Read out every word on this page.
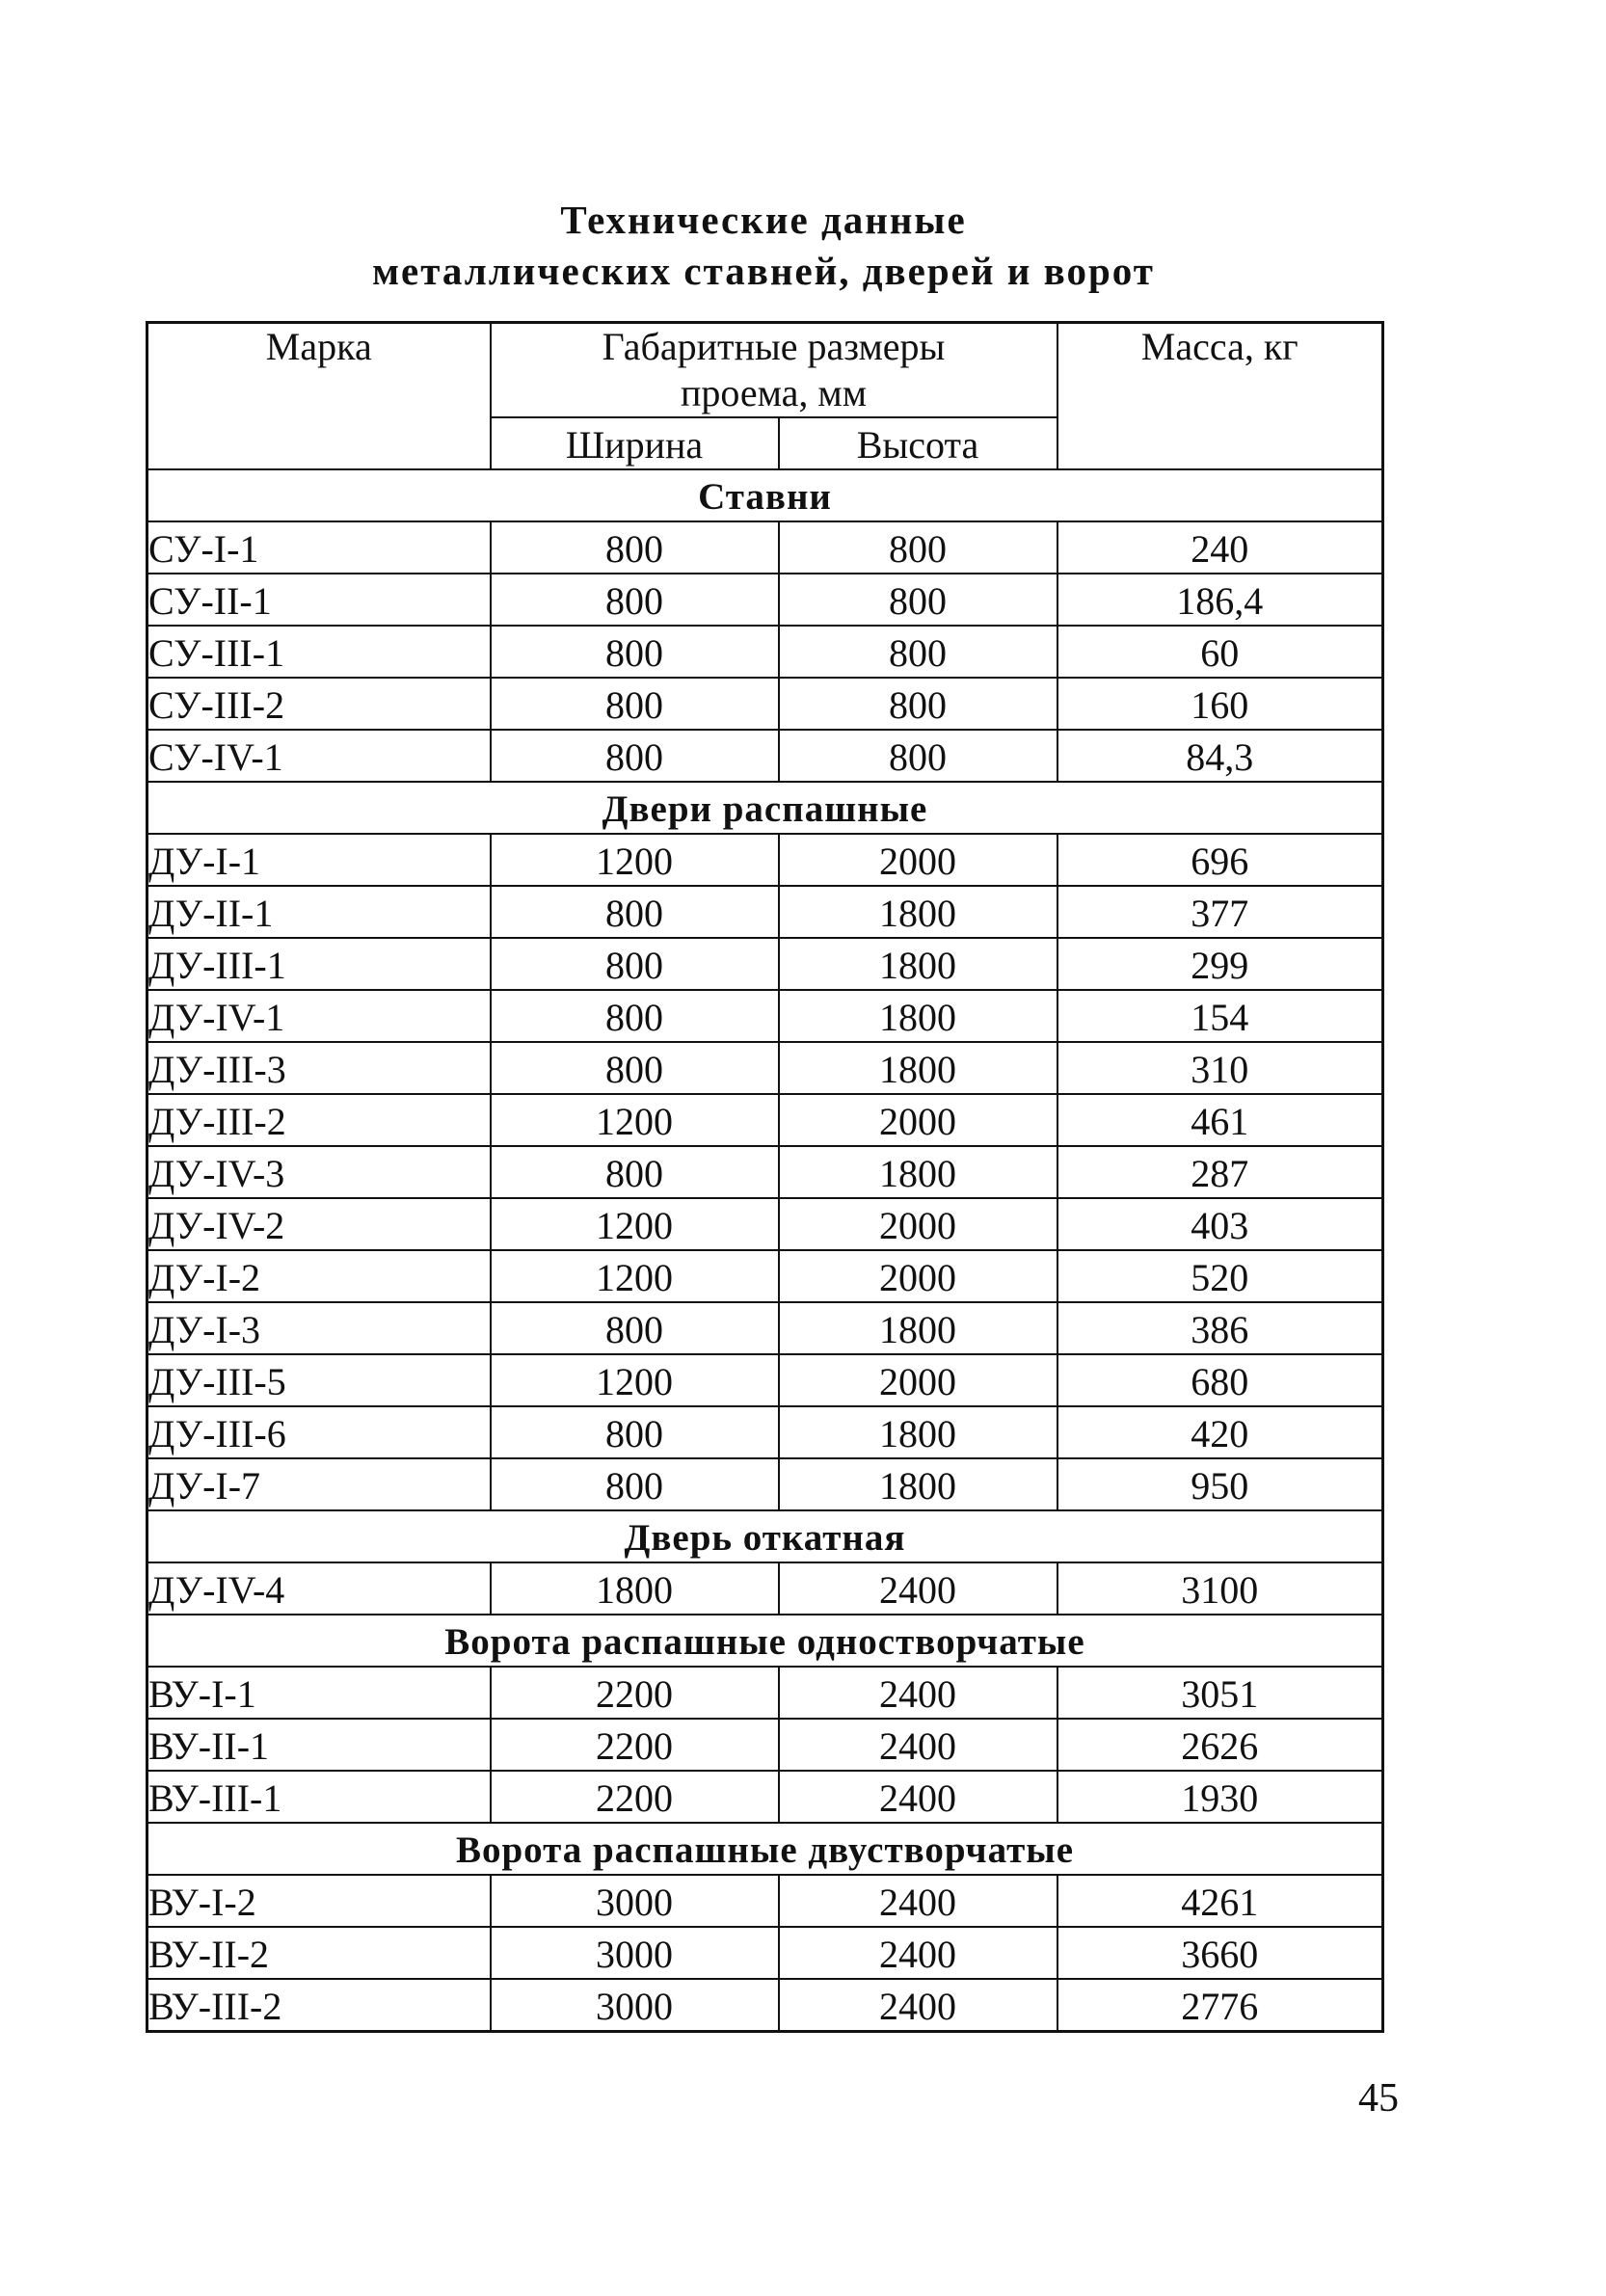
Технические данные
металлических ставней, дверей и ворот
Марка	Габаритные размеры
проема, мм		Масса, кг
	Ширина	Высота	
Ставни			
СУ-I-1	800	800	240
СУ-II-1	800	800	186,4
СУ-III-1	800	800	60
СУ-III-2	800	800	160
СУ-IV-1	800	800	84,3
Двери распашные			
ДУ-I-1	1200	2000	696
ДУ-II-1	800	1800	377
ДУ-III-1	800	1800	299
ДУ-IV-1	800	1800	154
ДУ-III-3	800	1800	310
ДУ-III-2	1200	2000	461
ДУ-IV-3	800	1800	287
ДУ-IV-2	1200	2000	403
ДУ-I-2	1200	2000	520
ДУ-I-3	800	1800	386
ДУ-III-5	1200	2000	680
ДУ-III-6	800	1800	420
ДУ-I-7	800	1800	950
Дверь откатная			
ДУ-IV-4	1800	2400	3100
Ворота распашные одностворчатые			
ВУ-I-1	2200	2400	3051
ВУ-II-1	2200	2400	2626
ВУ-III-1	2200	2400	1930
Ворота распашные двустворчатые			
ВУ-I-2	3000	2400	4261
ВУ-II-2	3000	2400	3660
ВУ-III-2	3000	2400	2776
45
